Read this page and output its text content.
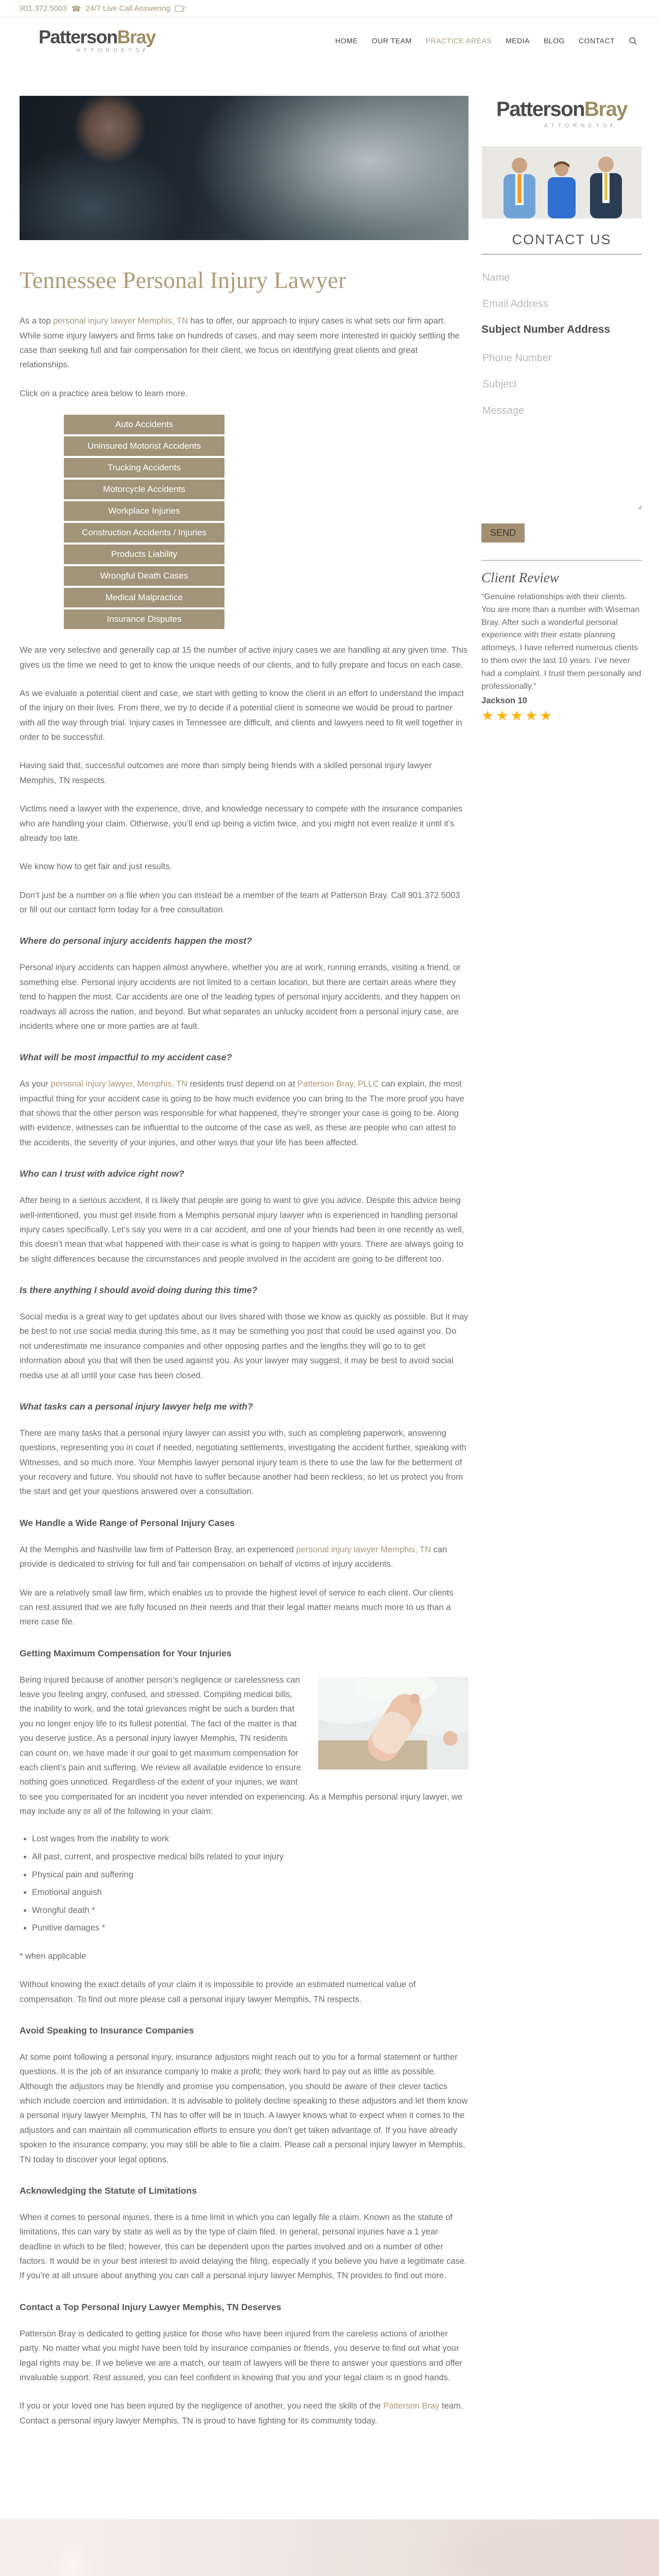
901.372.5003 ☎ 24/7 Live Call Answering
PattersonBray
ATTORNEYS/
HOME OUR TEAM PRACTICE AREAS MEDIA BLOG CONTACT
Tennessee Personal Injury Lawyer

As a top personal injury lawyer Memphis, TN has to offer, our approach to injury cases is what sets our firm apart. While some injury lawyers and firms take on hundreds of cases, and may seem more interested in quickly settling the case than seeking full and fair compensation for their client, we focus on identifying great clients and great relationships.

Click on a practice area below to learn more.

Auto Accidents
Uninsured Motorist Accidents
Trucking Accidents
Motorcycle Accidents
Workplace Injuries
Construction Accidents / Injuries
Products Liability
Wrongful Death Cases
Medical Malpractice
Insurance Disputes

We are very selective and generally cap at 15 the number of active injury cases we are handling at any given time. This gives us the time we need to get to know the unique needs of our clients, and to fully prepare and focus on each case.

As we evaluate a potential client and case, we start with getting to know the client in an effort to understand the impact of the injury on their lives. From there, we try to decide if a potential client is someone we would be proud to partner with all the way through trial. Injury cases in Tennessee are difficult, and clients and lawyers need to fit well together in order to be successful.

Having said that, successful outcomes are more than simply being friends with a skilled personal injury lawyer Memphis, TN respects.

Victims need a lawyer with the experience, drive, and knowledge necessary to compete with the insurance companies who are handling your claim. Otherwise, you’ll end up being a victim twice, and you might not even realize it until it’s already too late.

We know how to get fair and just results.

Don’t just be a number on a file when you can instead be a member of the team at Patterson Bray. Call 901.372.5003 or fill out our contact form today for a free consultation.

Where do personal injury accidents happen the most?

Personal injury accidents can happen almost anywhere, whether you are at work, running errands, visiting a friend, or something else. Personal injury accidents are not limited to a certain location, but there are certain areas where they tend to happen the most. Car accidents are one of the leading types of personal injury accidents, and they happen on roadways all across the nation, and beyond. But what separates an unlucky accident from a personal injury case, are incidents where one or more parties are at fault.

What will be most impactful to my accident case?

As your personal injury lawyer, Memphis, TN residents trust depend on at Patterson Bray, PLLC can explain, the most impactful thing for your accident case is going to be how much evidence you can bring to the The more proof you have that shows that the other person was responsible for what happened, they’re stronger your case is going to be. Along with evidence, witnesses can be influential to the outcome of the case as well, as these are people who can attest to the accidents, the severity of your injuries, and other ways that your life has been affected.

Who can I trust with advice right now?

After being in a serious accident, it is likely that people are going to want to give you advice. Despite this advice being well-intentioned, you must get inside from a Memphis personal injury lawyer who is experienced in handling personal injury cases specifically. Let’s say you were in a car accident, and one of your friends had been in one recently as well, this doesn’t mean that what happened with their case is what is going to happen with yours. There are always going to be slight differences because the circumstances and people involved in the accident are going to be different too.

Is there anything I should avoid doing during this time?

Social media is a great way to get updates about our lives shared with those we know as quickly as possible. But it may be best to not use social media during this time, as it may be something you post that could be used against you. Do not underestimate me insurance companies and other opposing parties and the lengths they will go to to get information about you that will then be used against you. As your lawyer may suggest, it may be best to avoid social media use at all until your case has been closed.

What tasks can a personal injury lawyer help me with?

There are many tasks that a personal injury lawyer can assist you with, such as completing paperwork, answering questions, representing you in court if needed, negotiating settlements, investigating the accident further, speaking with Witnesses, and so much more. Your Memphis lawyer personal injury team is there to use the law for the betterment of your recovery and future. You should not have to suffer because another had been reckless, so let us protect you from the start and get your questions answered over a consultation.

We Handle a Wide Range of Personal Injury Cases

At the Memphis and Nashville law firm of Patterson Bray, an experienced personal injury lawyer Memphis, TN can provide is dedicated to striving for full and fair compensation on behalf of victims of injury accidents.

We are a relatively small law firm, which enables us to provide the highest level of service to each client. Our clients can rest assured that we are fully focused on their needs and that their legal matter means much more to us than a mere case file.

Getting Maximum Compensation for Your Injuries

Being injured because of another person’s negligence or carelessness can leave you feeling angry, confused, and stressed. Compiling medical bills, the inability to work, and the total grievances might be such a burden that you no longer enjoy life to its fullest potential. The fact of the matter is that you deserve justice. As a personal injury lawyer Memphis, TN residents can count on, we have made it our goal to get maximum compensation for each client’s pain and suffering. We review all available evidence to ensure nothing goes unnoticed. Regardless of the extent of your injuries, we want to see you compensated for an incident you never intended on experiencing. As a Memphis personal injury lawyer, we may include any or all of the following in your claim:

• Lost wages from the inability to work
• All past, current, and prospective medical bills related to your injury
• Physical pain and suffering
• Emotional anguish
• Wrongful death *
• Punitive damages *

* when applicable

Without knowing the exact details of your claim it is impossible to provide an estimated numerical value of compensation. To find out more please call a personal injury lawyer Memphis, TN respects.

Avoid Speaking to Insurance Companies

At some point following a personal injury, insurance adjustors might reach out to you for a formal statement or further questions. It is the job of an insurance company to make a profit; they work hard to pay out as little as possible. Although the adjustors may be friendly and promise you compensation, you should be aware of their clever tactics which include coercion and intimidation. It is advisable to politely decline speaking to these adjustors and let them know a personal injury lawyer Memphis, TN has to offer will be in touch. A lawyer knows what to expect when it comes to the adjustors and can maintain all communication efforts to ensure you don’t get taken advantage of. If you have already spoken to the insurance company, you may still be able to file a claim. Please call a personal injury lawyer in Memphis, TN today to discover your legal options.

Acknowledging the Statute of Limitations

When it comes to personal injuries, there is a time limit in which you can legally file a claim. Known as the statute of limitations, this can vary by state as well as by the type of claim filed. In general, personal injuries have a 1 year deadline in which to be filed; however, this can be dependent upon the parties involved and on a number of other factors. It would be in your best interest to avoid delaying the filing, especially if you believe you have a legitimate case. If you’re at all unsure about anything you can call a personal injury lawyer Memphis, TN provides to find out more.

Contact a Top Personal Injury Lawyer Memphis, TN Deserves

Patterson Bray is dedicated to getting justice for those who have been injured from the careless actions of another party. No matter what you might have been told by insurance companies or friends, you deserve to find out what your legal rights may be. If we believe we are a match, our team of lawyers will be there to answer your questions and offer invaluable support. Rest assured, you can feel confident in knowing that you and your legal claim is in good hands.

If you or your loved one has been injured by the negligence of another, you need the skills of the Patterson Bray team. Contact a personal injury lawyer Memphis, TN is proud to have fighting for its community today.

PattersonBray
ATTORNEYS/
CONTACT US
Name
Email Address
Subject Number Address
Phone Number
Subject
Message SEND
Client Review

“Genuine relationships with their clients. You are more than a number with Wiseman Bray. After such a wonderful personal experience with their estate planning attorneys, I have referred numerous clients to them over the last 10 years. I’ve never had a complaint. I trust them personally and professionally.”

Jackson 10
★★★★★
